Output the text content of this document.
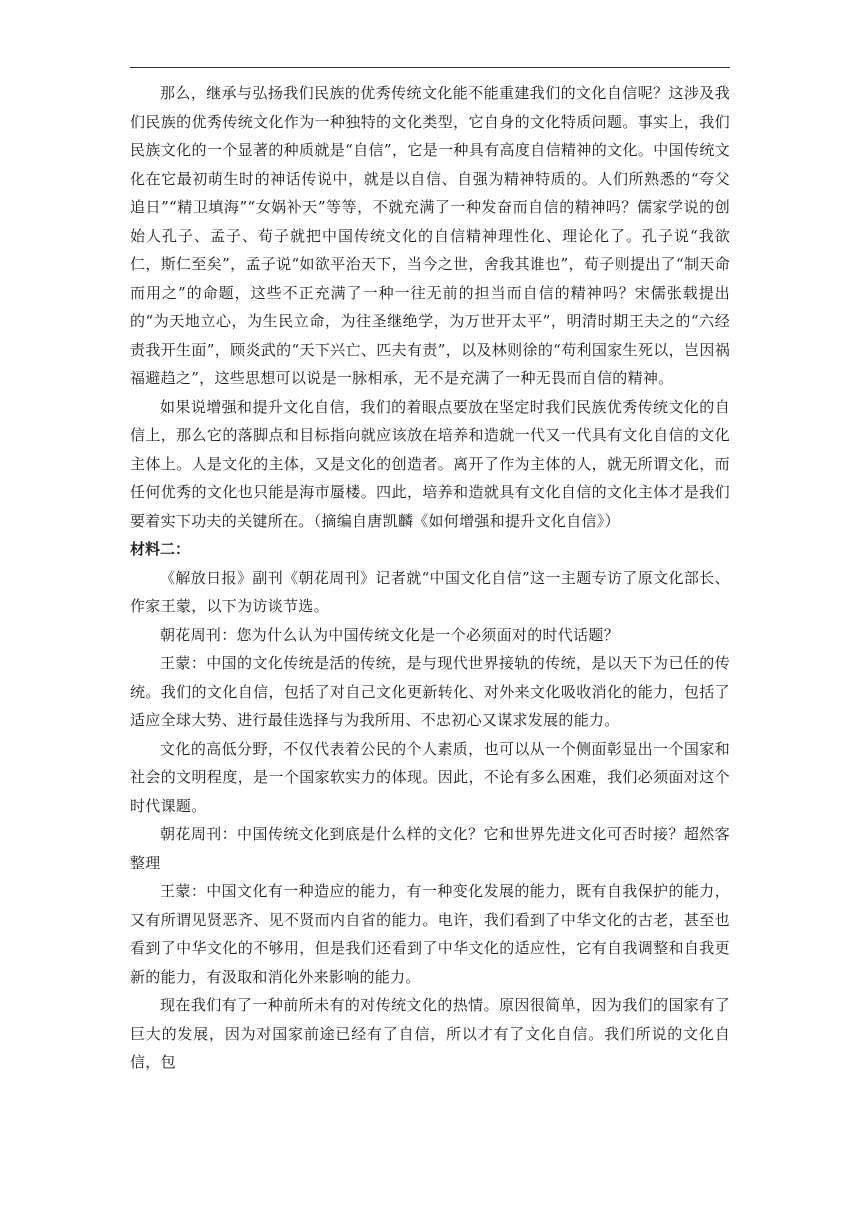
那么，继承与弘扬我们民族的优秀传统文化能不能重建我们的文化自信呢？这涉及我们民族的优秀传统文化作为一种独特的文化类型，它自身的文化特质问题。事实上，我们民族文化的一个显著的种质就是“自信”，它是一种具有高度自信精神的文化。中国传统文化在它最初萌生时的神话传说中，就是以自信、自强为精神特质的。人们所熟悉的“夸父追日”“精卫填海”“女娲补天”等等，不就充满了一种发奋而自信的精神吗？儒家学说的创始人孔子、孟子、荀子就把中国传统文化的自信精神理性化、理论化了。孔子说“我欲仁，斯仁至矣”，孟子说“如欲平治天下，当今之世，舍我其谁也”，荀子则提出了“制天命而用之”的命题，这些不正充满了一种一往无前的担当而自信的精神吗？宋儒张载提出的“为天地立心，为生民立命，为往圣继绝学，为万世开太平”，明清时期王夫之的“六经责我开生面”，顾炎武的“天下兴亡、匹夫有责”，以及林则徐的“苟利国家生死以，岂因祸福避趋之”，这些思想可以说是一脉相承，无不是充满了一种无畏而自信的精神。

如果说增强和提升文化自信，我们的着眼点要放在坚定时我们民族优秀传统文化的自信上，那么它的落脚点和目标指向就应该放在培养和造就一代又一代具有文化自信的文化主体上。人是文化的主体，又是文化的创造者。离开了作为主体的人，就无所谓文化，而任何优秀的文化也只能是海市蜃楼。四此，培养和造就具有文化自信的文化主体才是我们要着实下功夫的关键所在。（摘编自唐凯麟《如何增强和提升文化自信》）

材料二：

《解放日报》副刊《朝花周刊》记者就“中国文化自信”这一主题专访了原文化部长、作家王蒙，以下为访谈节选。

朝花周刊：您为什么认为中国传统文化是一个必须面对的时代话题？

王蒙：中国的文化传统是活的传统，是与现代世界接轨的传统，是以天下为已任的传统。我们的文化自信，包括了对自己文化更新转化、对外来文化吸收消化的能力，包括了适应全球大势、进行最佳选择与为我所用、不忠初心又谋求发展的能力。

文化的高低分野，不仅代表着公民的个人素质，也可以从一个侧面彰显出一个国家和社会的文明程度，是一个国家软实力的体现。因此，不论有多么困难，我们必须面对这个时代课题。

朝花周刊：中国传统文化到底是什么样的文化？它和世界先进文化可否时接？超然客整理

王蒙：中国文化有一种造应的能力，有一种变化发展的能力，既有自我保护的能力，又有所谓见贤恶齐、见不贤而内自省的能力。电许，我们看到了中华文化的古老，甚至也看到了中华文化的不够用，但是我们还看到了中华文化的适应性，它有自我调整和自我更新的能力，有汲取和消化外来影响的能力。

现在我们有了一种前所未有的对传统文化的热情。原因很简单，因为我们的国家有了巨大的发展，因为对国家前途已经有了自信，所以才有了文化自信。我们所说的文化自信，包
